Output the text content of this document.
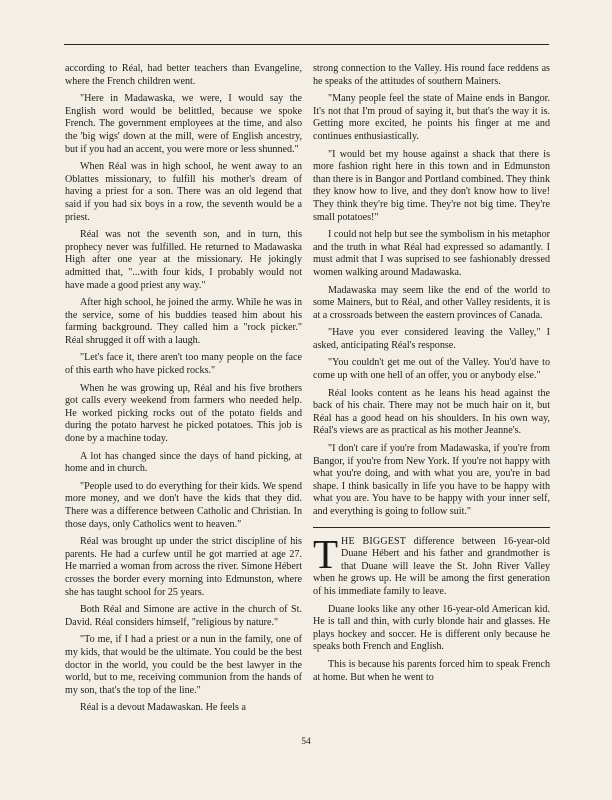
according to Réal, had better teachers than Evangeline, where the French children went.

"Here in Madawaska, we were, I would say the English word would be belittled, because we spoke French. The government employees at the time, and also the 'big wigs' down at the mill, were of English ancestry, but if you had an accent, you were more or less shunned."

When Réal was in high school, he went away to an Oblattes missionary, to fulfill his mother's dream of having a priest for a son. There was an old legend that said if you had six boys in a row, the seventh would be a priest.

Réal was not the seventh son, and in turn, this prophecy never was fulfilled. He returned to Madawaska High after one year at the missionary. He jokingly admitted that, "...with four kids, I probably would not have made a good priest any way."

After high school, he joined the army. While he was in the service, some of his buddies teased him about his farming background. They called him a "rock picker." Réal shrugged it off with a laugh.

"Let's face it, there aren't too many people on the face of this earth who have picked rocks."

When he was growing up, Réal and his five brothers got calls every weekend from farmers who needed help. He worked picking rocks out of the potato fields and during the potato harvest he picked potatoes. This job is done by a machine today.

A lot has changed since the days of hand picking, at home and in church.

"People used to do everything for their kids. We spend more money, and we don't have the kids that they did. There was a difference between Catholic and Christian. In those days, only Catholics went to heaven."

Réal was brought up under the strict discipline of his parents. He had a curfew until he got married at age 27. He married a woman from across the river. Simone Hébert crosses the border every morning into Edmunston, where she has taught school for 25 years.

Both Réal and Simone are active in the church of St. David. Réal considers himself, "religious by nature."

"To me, if I had a priest or a nun in the family, one of my kids, that would be the ultimate. You could be the best doctor in the world, you could be the best lawyer in the world, but to me, receiving communion from the hands of my son, that's the top of the line."

Réal is a devout Madawaskan. He feels a

strong connection to the Valley. His round face reddens as he speaks of the attitudes of southern Mainers.

"Many people feel the state of Maine ends in Bangor. It's not that I'm proud of saying it, but that's the way it is. Getting more excited, he points his finger at me and continues enthusiastically.

"I would bet my house against a shack that there is more fashion right here in this town and in Edmunston than there is in Bangor and Portland combined. They think they know how to live, and they don't know how to live! They think they're big time. They're not big time. They're small potatoes!"

I could not help but see the symbolism in his metaphor and the truth in what Réal had expressed so adamantly. I must admit that I was suprised to see fashionably dressed women walking around Madawaska.

Madawaska may seem like the end of the world to some Mainers, but to Réal, and other Valley residents, it is at a crossroads between the eastern provinces of Canada.

"Have you ever considered leaving the Valley," I asked, anticipating Réal's response.

"You couldn't get me out of the Valley. You'd have to come up with one hell of an offer, you or anybody else."

Réal looks content as he leans his head against the back of his chair. There may not be much hair on it, but Réal has a good head on his shoulders. In his own way, Réal's views are as practical as his mother Jeanne's.

"I don't care if you're from Madawaska, if you're from Bangor, if you're from New York. If you're not happy with what you're doing, and with what you are, you're in bad shape. I think basically in life you have to be happy with what you are. You have to be happy with your inner self, and everything is going to follow suit."

THE BIGGEST difference between 16-year-old Duane Hébert and his father and grandmother is that Duane will leave the St. John River Valley when he grows up. He will be among the first generation of his immediate family to leave.

Duane looks like any other 16-year-old American kid. He is tall and thin, with curly blonde hair and glasses. He plays hockey and soccer. He is different only because he speaks both French and English.

This is because his parents forced him to speak French at home. But when he went to

54
